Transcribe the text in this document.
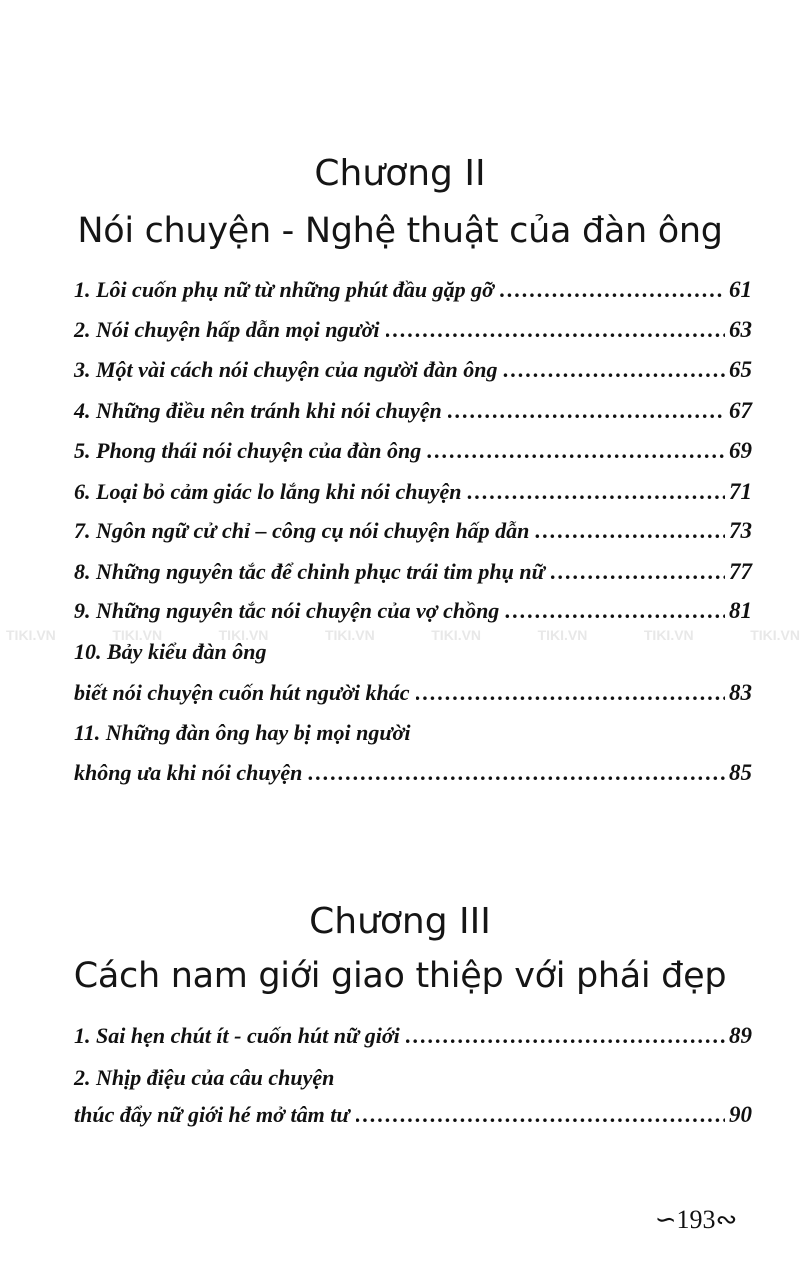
TIKI.VN	TIKI.VN	TIKI.VN	TIKI.VN	TIKI.VN	TIKI.VN	TIKI.VN	TIKI.VN
Chương II
Nói chuyện - Nghệ thuật của đàn ông
1. Lôi cuốn phụ nữ từ những phút đầu gặp gỡ .....	61
2. Nói chuyện hấp dẫn mọi người .....	63
3. Một vài cách nói chuyện của người đàn ông .....	65
4. Những điều nên tránh khi nói chuyện .....	67
5. Phong thái nói chuyện của đàn ông .....	69
6. Loại bỏ cảm giác lo lắng khi nói chuyện .....	71
7. Ngôn ngữ cử chỉ – công cụ nói chuyện hấp dẫn .....	73
8. Những nguyên tắc để chinh phục trái tim phụ nữ .....	77
9. Những nguyên tắc nói chuyện của vợ chồng .....	81
10. Bảy kiểu đàn ông
biết nói chuyện cuốn hút người khác .....	83
11. Những đàn ông hay bị mọi người
không ưa khi nói chuyện .....	85
Chương III
Cách nam giới giao thiệp với phái đẹp
1. Sai hẹn chút ít - cuốn hút nữ giới .....	89
2. Nhịp điệu của câu chuyện
thúc đẩy nữ giới hé mở tâm tư .....	90
∽193∾
